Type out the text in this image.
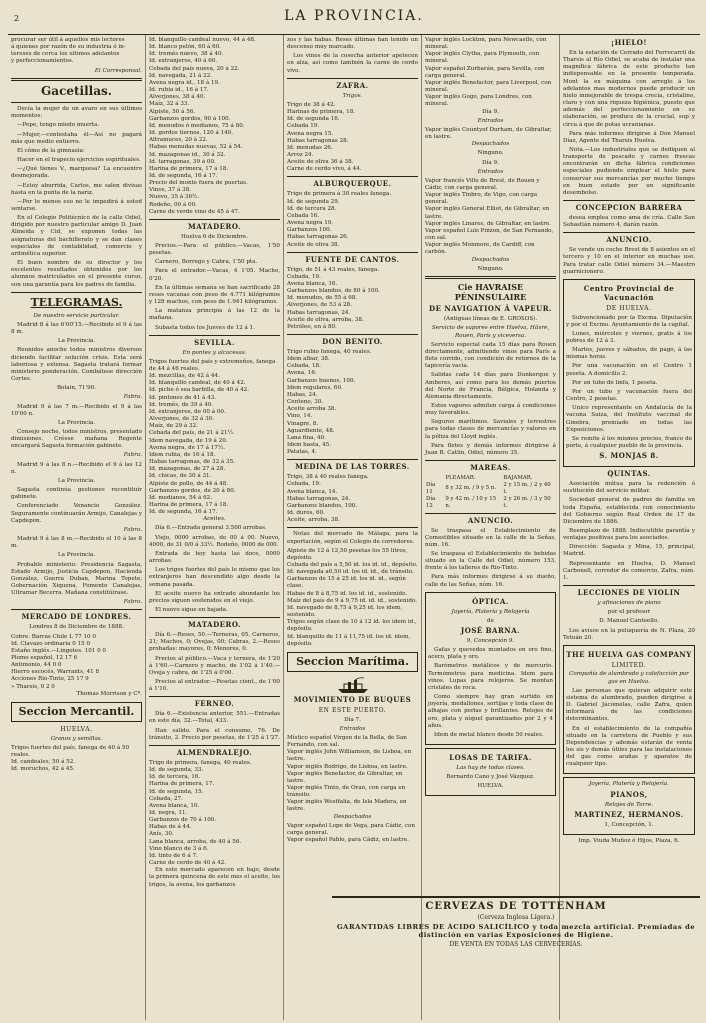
2	LA PROVINCIA.

procurar ser útil á aquellos mis lectores
á quienes por razón de su industria ó in-
tereses de cerca los ultimos adelantos
y perfeccionamientos.

El Corresponsal.

Gacetillas.

Decía la mujer de un avaro en sus últimos momentos:

—Pepe, tengo miedo muerta.

—Mujer,—contestaba él—Así no pagará más que medio entierro.

El cómo de la gimnasia:

Hacer en el trapecio ejercicios espirituales.

—¿Qué tienes V., marquesa? La encuentro desmejorada.

—Estoy aburrida, Carlos, me salen divisas hasta en la punta de la nariz.

—Por lo menos eso no le impedirá á usted sentarse.

En el Colegio Politécnico de la calle Odiel, dirigido por nuestro particular amigo D. Juan Almeida y Cid, se exponen todas las asignaturas del bachillerato y se dan clases especiales de contabilidad, comercio y aritmética superior.

El buen nombre de su director y los excelentes resultados obtenidos por los alumnos matriculados en el presente curso, son una garantía para los padres de familia.

TELEGRAMAS.

De nuestro servicio particular.

Madrid 8 á las 6'00'15.—Recibido el 9 á las 8 m.

La Provincia.

Reunidos anoche todos ministros diversos diciendo facilitar solución crisis. Esta será laboriosa y extensa. Sagasta tratará formar ministerio ponderación. Combátese dirección Cortes.

Bolain, 71'90.

Fabra.

Madrid 9 á las 7 m.—Recibido el 9 á las 10'00 n.

La Provincia.

Consejo noche, todos ministros, presentado dimisiones. Créese mañana Regente encargará Sagasta formación gabinete.

Fabra.

Madrid 9 á las 8 n.—Recibido el 9 á las 12 n.

La Provincia.

Sagasta continúa gestiones recontituir gabinete.

Conferenciado Venancio González. Seguramente continuarán Armijo, Canalejas y Capdepon.

Fabra.

Madrid 9 á las 8 m.—Recibido el 10 á las 8 m.

La Provincia.

Probable ministerio: Presidencia Sagasta, Estado Armijo, Justicia Capdepon, Hacienda González, Guerra Duban, Marina Topete, Gobernación Xiquena, Fomento Canalejas, Ultramar Becerra. Mañana constitúirase.

Fabra.

MERCADO DE LONDRES.

Londres 8 de Diciembre de 1888.

Cobre. Barras Chile L 77 10 0
Id. Clavazo ordinaria 0 15 0
Estaño inglés.—Lingotes. 101 0 0
Plomo español, 12 17 6
Antimonio, 44 0 0
Hierro escocés, Warrants, 41 8
Acciones Rio-Tinto, 25 17 9
» Tharsis, 0 2 0

Thomas Morrison y Cª.

Seccion Mercantil.
HUELVA.

Granos y semillas.

Trigos fuertes del país, fanega de 40 á 50 reales.
Id. candeales, 50 á 52.
Id. moruchos, 42 á 45.
Id. blanquillo candeal nuevo, 44 á 48.
Id. blanco pelón, 60 á 60.
Id. tremés nuevo, 38 á 40.
Id. extranjeros, 40 á 60.
Cebada del país nueva, 20 á 22.
Id. navegada, 21 á 22.
Avena negra id., 18 á 19.
Id. rubia id., 16 á 17.
Alverjones, 38 á 40.
Maíz, 32 á 33.
Alpiste, 50 á 56.
Garbanzos gordos, 90 á 100.
Id. menudos ó medianos, 75 á 80.
Id. gordos tiernos, 120 á 140.
Altramuces, 20 á 22.
Habas menudas nuevas, 52 á 54.
Id. mazagonas id., 30 á 32.
Id. tarragonas, 39 á 00.
Harina de primera, 17 á 18.
Id. de segunda, 16 á 17.
Precio del monte fuera de puertas.
Vinos, 37 á 38.
Nuevo, 35 á 36½.
Rodeño, 00 á 00.
Carne de verde vino de 45 á 47.
MATADERO.

Huelva 6 de Diciembre.

Precios.—Para el público.—Vacas, 1'50 pesetas.

Carnero, Borrego y Cabra, 1'50 pta.

Para el entrador.—Vacas, 4 1'05. Macho, 0'20.

En la últimas semana se han sacrificado 28 reses vacunas con peso de 4.771 kilógramos y 128 machos, con peso de 1.941 kilógramos.

La matanza principia á las 12 de la mañana.

Subasta todos los Jueves de 12 á 1.

SEVILLA.

En pontes y alcacesas.

Trigos fuertes del país y extremeños, fanega de 44 á 46 reales.
Id. mezcillas, de 42 á 44.
Id. blanquillo candeal, de 40 á 42.
Id. piche ó sea barbilla, de 40 á 42.
Id. pintones de 41 á 43.
Id. tremés, de 39 á 40.
Id. extranjeros, de 00 á 00.
Alverjones, de 32 á 30.
Maíz, de 29 á 32.
Cebada del país, de 21 á 21½.
Idem navegada, de 19 á 20.
Avena negra, de 17 á 17½.
Idem rubia, de 16 á 18.
Habas tarragonas, de 32 á 35.
Id. mazagonas, de 27 á 28.
Id. chicas, de 30 á 31.
Alpiste de pollo, de 44 á 48.
Garbanzos gordos, de 20 á 80.
Id. medianos, 54 á 62.
Harina de primera, 17 á 18.
Id. de segunda, 16 á 17.

Aceites.

Día 6.—Entrada general 3.500 arrobas.

Viejo, 0000 arrobas, de 00 á 00. Nuevo, 4000, de 31 0/0 á 33½. Rodeño, 0000 de 000.

Entrada de hoy hasta las doce, 0000 arrobas.

Los trigos fuertes del país lo mismo que los extranjeros han descendido algo desde la semana pasada.

El aceite nuevo ha entrado abundante los precios siguen sostenidos en el viejo.

El nuevo sigue en bajada.

MATADERO.

Día 6.—Reses, 50.—Terneras, 05, Carneros, 21; Machos, 0; Ovejas, 00; Cabras, 2.—Reses probadas: mayores, 0; Menores, 0.

Precios al público.—Vaca y ternera, de 1'20 á 1'60.—Carnero y macho, de 1'02 á 1'40.—Oveja y cabra, de 1'25 á 0'00.

Precios al entrador.—Pesetas cient., de 1'00 á 1'10.

FERNEO.

Día 6.—Existencia anterior, 551.—Entradas en este día, 32.—Total, 433.

Han salido. Para el consumo, 76. De tránsito, 2. Precio por pesetas, de 1'25 á 1'27.

ALMENDRALEJO.
Trigo de primera, fanega, 40 reales.
Id. de segunda, 33.
Id. de tercera, 16.
Harina de primera, 17.
Id. de segunda, 15.
Cebada, 27.
Avena blanca, 10.
Id. negra, 11.
Garbanzos de 70 á 100.
Habas de á 44.
Anís, 30.
Lana blanca, arroba, de 40 á 56.
Vino blanco de 3 á 6.
Id. tinto de 6 á 7.
Carne de cerdo de 40 á 42.

En este mercado aparecen en bajo, desde la primera quincena de este mes el aceite, los trigos, la avena, los garbanzos

zos y las habas. Reses últimas han tenido un descenso muy marcado.

Los vinos de la cosecha anterior apetecen en alza, así como también la carne de cerdo vivo.

ZAFRA.

Trigos.

Trigo de 38 á 42.
Harinas de primera, 18.
Id. de segunda 16.
Cebada 19.
Avena negra 15.
Habas tarragonas 28.
Id. menudas 26.
Arroz 24.
Aceite de oliva 36 á 38.
Carne de cerdo vivo, á 44.
ALBURQUERQUE.
Trigo de primera á 30 reales fanega.
Id. de segunda 29.
Id. de tercera 28.
Cebada 16.
Avena negra 10.
Garbanzos 100.
Habas tarragonas 26.
Aceite de oliva 38.
FUENTE DE CANTOS.
Trigo, de 51 á 43 reales, fanega.
Cebada, 19.
Avena blanca, 16.
Garbanzos blandos, de 80 á 100.
Id. menudos, de 55 á 68.
Alverjones, de 53 á 28.
Habas tarragonas, 24.
Aceite de oliva, arroba, 38.
Petróleo, en á 80.
DON BENITO.
Trigo rubio fanega, 40 reales.
Idem albar, 38.
Cebada, 18.
Avena, 16.
Garbanzos buenos, 100.
Idem regulares, 60.
Habas, 24.
Centeno, 30.
Aceite arroba 38.
Vino, 14.
Vinagre, 8.
Aguardiente, 48.
Lana fina, 40.
Idem basta, 45.
Patatas, 4.
MEDINA DE LAS TORRES.
Trigo, 38 á 40 reales fanega.
Cebada, 19.
Avena blanca, 14.
Habas tarragonas, 24.
Garbanzos blandos, 100.
Id. duros, 60.
Aceite, arroba, 38.

Notas del mercado de Málaga, para la exportación, según el Colegio de corredores.

Alpiste de 12 á 12,50 pesetas los 55 litros, depósito.
Cebada del país a 5,50 id. los id. id., depósito.
Id. navegada a6,50 id. los id. id., de tránsito.
Garbanzos de 15 á 25 id. los id. id., según clase.
Habas de 8 á 8,75 id. los id. id., sostenido.
Maíz del país de 9 á 9,75 id. id. id., sostenido.
Id. navegado de 8,75 á 9,25 id. los idem, sostenido.
Trigos según clase de 10 á 12 id. los idem id., depósito.
Id. blanquillo de 11 á 11,75 id. los id. idem, depósito.
Seccion Marítima.
MOVIMIENTO DE BUQUES
EN ESTE PUERTO.

Día 7.

Entrados

Místico español Virgen de la Bella, de San Fernando, con sal.
Vapor inglés John Williamson, de Lisboa, en lastre.
Vapor inglés Rodrigo, de Lisboa, en lastre.
Vapor inglés Benefactor, de Gibraltar, en lastre.
Vapor inglés Tinto, de Oran, con carga en tránsito.
Vapor inglés Westfalia, de Isla Madera, en lastre.

Despachados

Vapor español Lope de Vega, para Cádiz, con carga general.
Vapor español Pablo, para Cádiz, en lastre.
Vapor inglés Lockton, para Newcastle, con mineral.
Vapor inglés Clytha, para Plymouth, con mineral.
Vapor español Zurbarán, para Sevilla, con carga general.
Vapor inglés Benefactor, para Liverpool, con mineral.
Vapor inglés Gogo, para Londres, con mineral.

Día 9.

Entrados

Vapor inglés Countyof Durham, de Gibraltar, en lastre.

Despachados

Ninguno.

Día 9.

Entrados

Vapor francés Ville de Brest, de Rouen y Cádiz, con carga general.
Vapor inglés Tinbro, de Vigo, con carga general.
Vapor inglés General Elliot, de Gibraltar, en lastre.
Vapor inglés Linares, de Gibraltar, en lastre.
Vapor español Luis Pinzon, de San Fernando, con sal.
Vapor inglés Monmore, de Cardiff, con carbón.

Despachados

Ninguno.

Cie HAVRAISE PÉNINSULAIRE
DE NAVIGATION Á VAPEUR.

(Antiguas líneas de E. GROSOS).

Servicio de vapores entre Huelva, Hâvre, Rouen, París y viceversa.

Servicio especial cada 15 días para Rouen directamente, admitiendo vinos para París a flete corrido, con condición de retornos de la tapicería vacía.

Salidas cada 14 días para Dunkerque y Amberes, así como para los demás puertos del Norte de Francia, Bélgica, Holanda y Alemania directamente.

Estos vapores admiten carga á condiciones muy favorables.

Seguros marítimos. Saviales y terrestres para todas clases de mercancías y valores en la póliza del Lloyd inglés.

Para fletes y demás informes dirigirse á Juan B. Catlin, Odiel, número 35.

MAREAS.
	PLEAMAR.	BAJAMAR.
Día 11	8 y 32 m. / 9 y 5 n.	2 y 15 m. / 2 y 40 t.
Día 12	9 y 42 m. / 10 y 15 n.	2 y 26 m. / 3 y 50 t.
ANUNCIO.

Se traspasa el Establecimiento de Comestibles situado en la calle de la Señas, núm. 16.

Se traspasa el Establecimiento de bebidas situado en la Calle del Odiel, número 153, frente á los talleres de Rio-Tinto.

Para más informes dirigirse á su dueño, calle de las Señas, núm. 16.

ÓPTICA.

Joyería, Platería y Relojería

de

JOSÉ BARNA.

9, Concepción 9.

Gafas y quevedos montados en oro fino, acero, plata y oro.

Barómetros metálicos y de mercurio. Termómetros para medicina. Idem para vinos. Lupas para relojeros. Se montan cristales de roca.

Como siempre hay gran surtido en joyería, medallones, sortijas y toda clase de alhajas con perlas y brillantes. Relojes de oro, plata y níquel garantizados por 2 y 4 años.

Idem de metal blanco desde 50 reales.

LOSAS DE TARIFA.

Las hay de todas clases.

Bernardo Cano y José Vázquez.

HUELVA.

¡HIELO!

En la estación de Cerrado del Ferrocarril de Tharsis al Río Odiel, se acaba de instalar una magnífica fábrica de este producto tan indispensable en la presente temporada. Mont la ex máquina con arreglo á los adelantos mas modernos puede producir un hielo inmejorable de trespa crecía, cristalino, claro y con una riqueza higiénica, puesto que además del perfeccionamiento en su elaboración, se produce de la crucial, sup y circa á que de potas ucranianas.

Para más informes dirigirse á Don Manuel Díaz, Agente del Tharsis Huelva.

Nota.—Los industriales que se dediquen al transporte de pescado y carnes frescas encontrarán en dicha fábrica condiciones especiales pudiendo emplear el hielo para conservar sus mercancías por mucho tiempo en buen estado por un significante desembolso.

CONCEPCION BARRERA

desea emplea como ama de cría. Calle San Sebastián número 4, darán razón.

ANUNCIO.

Se vende un coche Brest de 8 asientos en el tercero y 10 en el interior en muchas uso. Para tratar calle Odiel número 34.—Maestro guarnicionero.

Centro Provincial de Vacunación
DE HUELVA.

Subvencionado por la Excma. Diputación y por el Excmo. Ayuntamiento de la capital.

Lunes, miércoles y viernes, gratis á los pobres de 12 á 3.

Martes, jueves y sábados, de pago, á las mismas horas.

Por una vacunación en el Centro 1 peseta. A domicilio 2.

Por un tubo de linfa, 1 peseta.

Por un tubo y vacunación fuera del Centro, 2 pesetas.

Unico representante en Andalucía de la vacuna Suiza, del Instituto vaccinal de Ginebra, premiado en todas las Exposiciones.

Se remite á los mismos precios, franco de porte, á cualquier pueblo de la provincia.

S. MONJAS 8.
QUINTAS.

Asociación mútua para la redención ó sustitución del servicio militar.

Sociedad general de padres de familia en toda España, establecida con conocimiento del Gobierno según Real Orden de 17 de Diciembre de 1886.

Reemplazo de 1888. Indiscutible garantía y ventajas positivas para los asociados.

Dirección: Sagasta y Mina, 15, principal, Madrid.

Representante en Huelva, D. Manuel Carbonell, corredor de comercio, Zafra, núm. 1.

LECCIONES DE VIOLIN

y afinaciones de piano

por el profesor

D. Manuel Cantoello.

Los avisos en la peluquería de N. Plaza, 20 Tetuán 20.

THE HUELVA GAS COMPANY
LIMITED.

Compañía de alumbrado y calefacción por gas en Huelva.

Las personas que quieran adquirir este sistema de alumbrado, pueden dirigirse á D. Gabriel Jácomelas, calle Zafra, quien informará de las condiciones determinantes.

En el establecimiento de la compañía situado en la carretera de Pueblo y sus Dependencias y además estarán de venta los sis y demás útiles para las instalaciones del gas como arañas y aparatos de cualquier tipo.

Joyería, Platería y Relojería.

PIANOS,

Relojes de Torre.

MARTINEZ, HERMANOS.

1, Concepción, 1.

Imp. Viuda Muñoz é Hijos, Plaza, 6.

CERVEZAS DE TOTTENHAM
(Cerveza Inglesa Lígera.)
GARANTIDAS LIBRES DE ÁCIDO SALICÍLICO y toda mezcla artificial. Premiadas de distinción en varias Exposiciones de Higiene.
DE VENTA EN TODAS LAS CERVECERÍAS.
